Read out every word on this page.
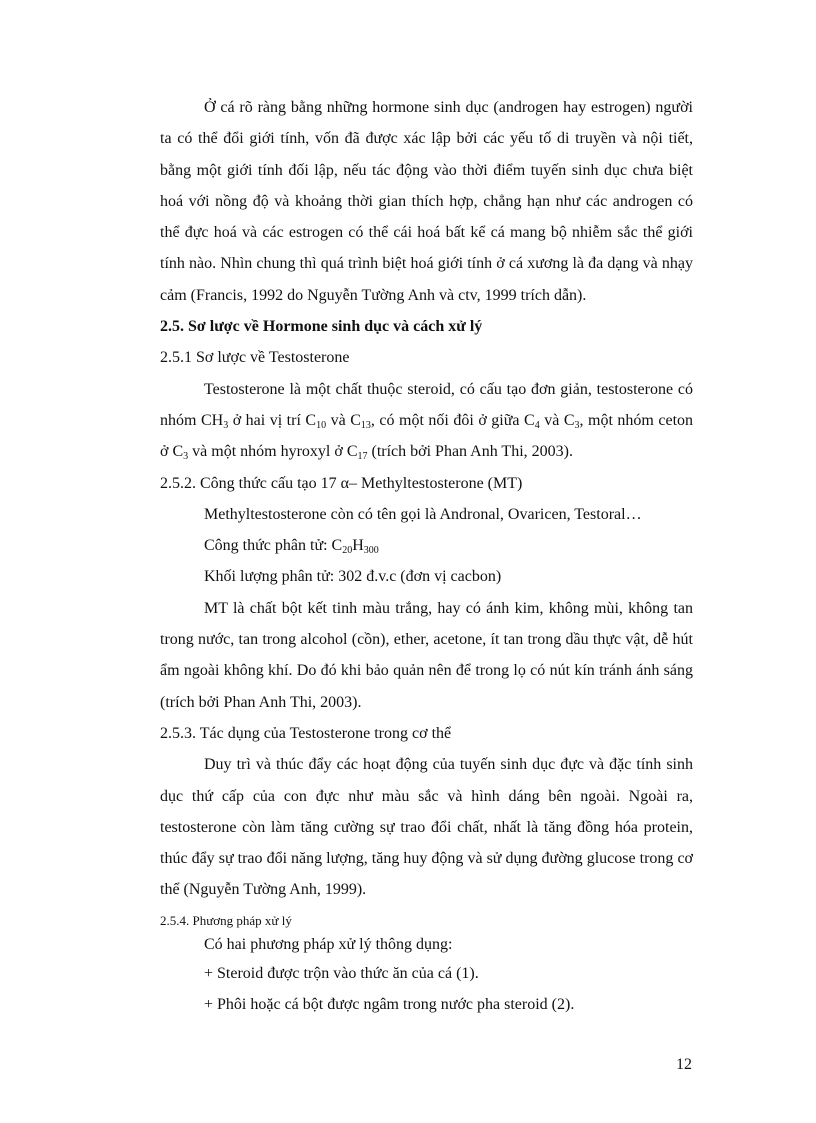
Ở cá rõ ràng bằng những hormone sinh dục (androgen hay estrogen) người ta có thể đổi giới tính, vốn đã được xác lập bởi các yếu tố di truyền và nội tiết, bằng một giới tính đối lập, nếu tác động vào thời điểm tuyến sinh dục chưa biệt hoá với nồng độ và khoảng thời gian thích hợp, chẳng hạn như các androgen có thể đực hoá và các estrogen có thể cái hoá bất kể cá mang bộ nhiễm sắc thể giới tính nào. Nhìn chung thì quá trình biệt hoá giới tính ở cá xương là đa dạng và nhạy cảm (Francis, 1992 do Nguyễn Tường Anh và ctv, 1999 trích dẫn).

2.5. Sơ lược về Hormone sinh dục và cách xử lý

2.5.1 Sơ lược về Testosterone

Testosterone là một chất thuộc steroid, có cấu tạo đơn giản, testosterone có nhóm $CH_3$ ở hai vị trí $C_{10}$ và $C_{13}$, có một nối đôi ở giữa $C_4$ và $C_3$, một nhóm ceton ở $C_3$ và một nhóm hyroxyl ở $C_{17}$ (trích bởi Phan Anh Thi, 2003).

2.5.2. Công thức cấu tạo 17 α– Methyltestosterone (MT)

Methyltestosterone còn có tên gọi là Andronal, Ovaricen, Testoral…

Công thức phân tử: $C_{20}H_{300}$

Khối lượng phân tử: 302 đ.v.c (đơn vị cacbon)

MT là chất bột kết tinh màu trắng, hay có ánh kim, không mùi, không tan trong nước, tan trong alcohol (cồn), ether, acetone, ít tan trong dầu thực vật, dễ hút ẩm ngoài không khí. Do đó khi bảo quản nên để trong lọ có nút kín tránh ánh sáng (trích bởi Phan Anh Thi, 2003).

2.5.3. Tác dụng của Testosterone trong cơ thể

Duy trì và thúc đẩy các hoạt động của tuyến sinh dục đực và đặc tính sinh dục thứ cấp của con đực như màu sắc và hình dáng bên ngoài. Ngoài ra, testosterone còn làm tăng cường sự trao đổi chất, nhất là tăng đồng hóa protein, thúc đẩy sự trao đổi năng lượng, tăng huy động và sử dụng đường glucose trong cơ thể (Nguyễn Tường Anh, 1999).

2.5.4. Phương pháp xử lý

Có hai phương pháp xử lý thông dụng:

+ Steroid được trộn vào thức ăn của cá (1).

+ Phôi hoặc cá bột được ngâm trong nước pha steroid (2).

12
